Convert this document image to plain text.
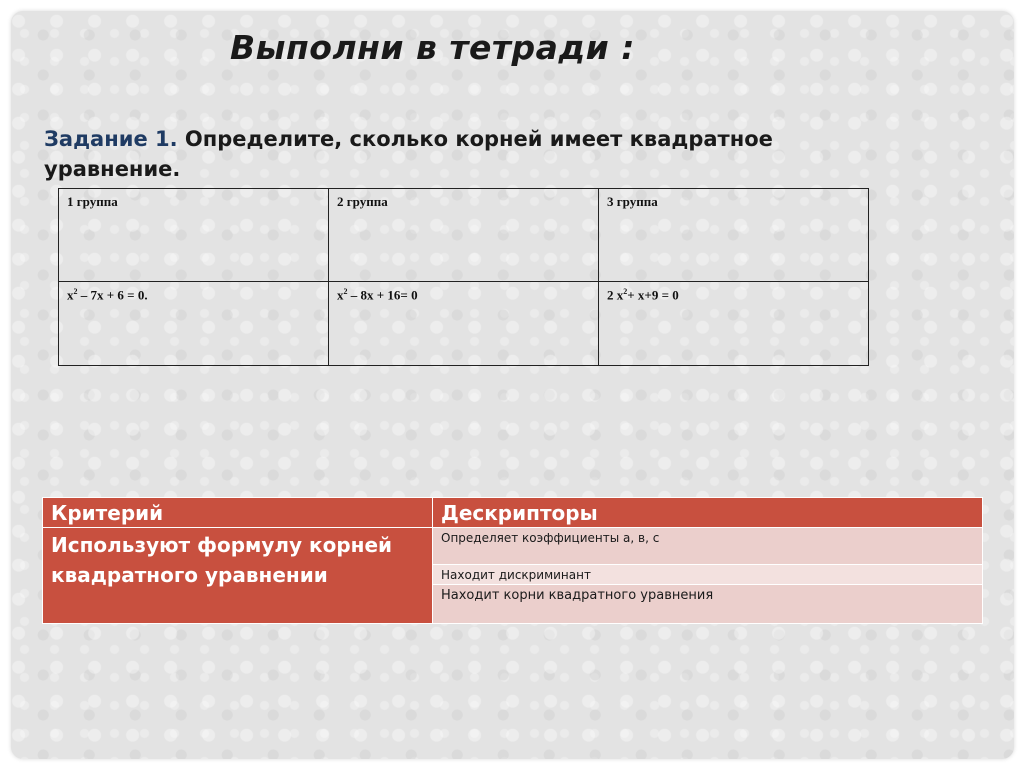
Выполни в тетради :
Задание 1. Определите, сколько корней имеет квадратное уравнение.
1 группа	2 группа	3 группа
$x^2 - 7x + 6 = 0$.	$x^2 - 8x + 16= 0$	2 $x^2+ x+9 = 0$
Критерий	Дескрипторы
Используют формулу корней квадратного уравнении	Определяет коэффициенты а, в, с
	Находит дискриминант
	Находит корни квадратного уравнения
